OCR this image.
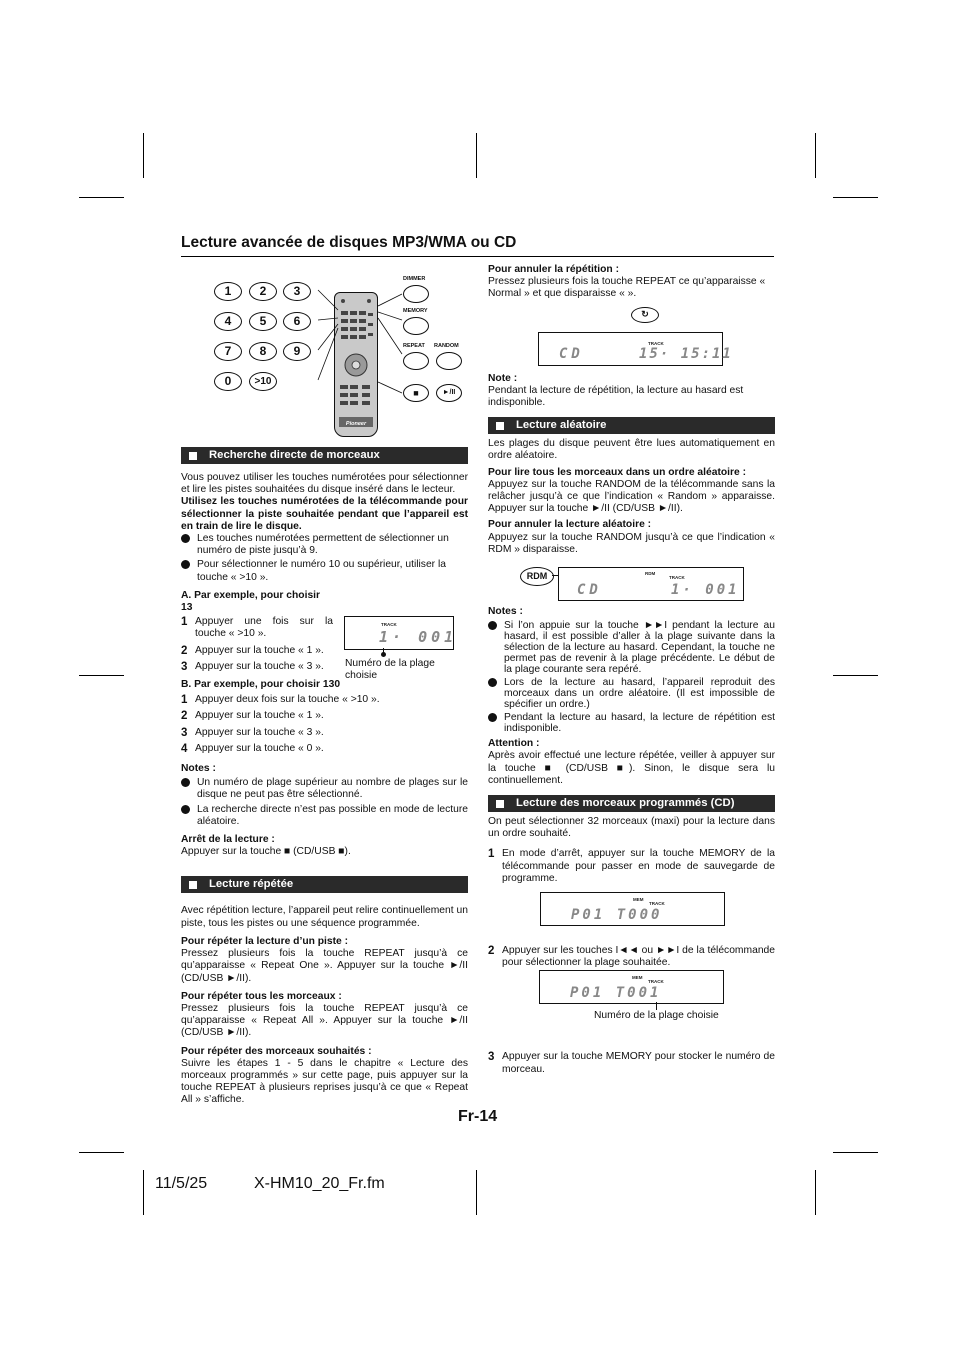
Lecture avancée de disques MP3/WMA ou CD
1	2	3
4	5	6
7	8	9
0	>10
Pioneer
DIMMER
MEMORY
REPEAT RANDOM
■	►/II
Recherche directe de morceaux

Vous pouvez utiliser les touches numérotées pour sélectionner et lire les pistes souhaitées du disque inséré dans le lecteur.

Utilisez les touches numérotées de la télécommande pour sélectionner la piste souhaitée pendant que l’appareil est en train de lire le disque.

Les touches numérotées permettent de sélectionner un numéro de piste jusqu’à 9.
Pour sélectionner le numéro 10 ou supérieur, utiliser la touche « >10 ».

A. Par exemple, pour choisir 13

1 Appuyer une fois sur la touche « >10 ».
2 Appuyer sur la touche « 1 ».
3 Appuyer sur la touche « 3 ».

B. Par exemple, pour choisir 130

1 Appuyer deux fois sur la touche « >10 ».
2 Appuyer sur la touche « 1 ».
3 Appuyer sur la touche « 3 ».
4 Appuyer sur la touche « 0 ».

Notes :

Un numéro de plage supérieur au nombre de plages sur le disque ne peut pas être sélectionné.
La recherche directe n’est pas possible en mode de lecture aléatoire.

Arrêt de la lecture :

Appuyer sur la touche ■ (CD/USB ■).

Lecture répétée

Avec répétition lecture, l’appareil peut relire continuellement un piste, tous les pistes ou une séquence programmée.

Pour répéter la lecture d’un piste :

Pressez plusieurs fois la touche REPEAT jusqu’à ce qu’apparaisse « Repeat One ». Appuyer sur la touche ►/II (CD/USB ►/II).

Pour répéter tous les morceaux :

Pressez plusieurs fois la touche REPEAT jusqu’à ce qu’apparaisse « Repeat All ». Appuyer sur la touche ►/II (CD/USB ►/II).

Pour répéter des morceaux souhaités :

Suivre les étapes 1 - 5 dans le chapitre « Lecture des morceaux programmés » sur cette page, puis appuyer sur la touche REPEAT à plusieurs reprises jusqu’à ce que « Repeat All » s’affiche.

TRACK
1· 001
Numéro de la plage choisie

Pour annuler la répétition :

Pressez plusieurs fois la touche REPEAT ce qu’apparaisse « Normal » et que disparaisse « ».

Note :

Pendant la lecture de répétition, la lecture au hasard est indisponible.

Lecture aléatoire

Les plages du disque peuvent être lues automatiquement en ordre aléatoire.

Pour lire tous les morceaux dans un ordre aléatoire :

Appuyez sur la touche RANDOM de la télécommande sans la relâcher jusqu’à ce que l’indication « Random » apparaisse. Appuyer sur la touche ►/II (CD/USB ►/II).

Pour annuler la lecture aléatoire :

Appuyez sur la touche RANDOM jusqu’à ce que l’indication « RDM » disparaisse.

Notes :

Si l’on appuie sur la touche ►►I pendant la lecture au hasard, il est possible d’aller à la plage suivante dans la sélection de la lecture au hasard. Cependant, la touche ne permet pas de revenir à la plage précédente. Le début de la plage courante sera repéré.
Lors de la lecture au hasard, l’appareil reproduit des morceaux dans un ordre aléatoire. (Il est impossible de spécifier un ordre.)
Pendant la lecture au hasard, la lecture de répétition est indisponible.

Attention :

Après avoir effectué une lecture répétée, veiller à appuyer sur la touche ■ (CD/USB ■). Sinon, le disque sera lu continuellement.

Lecture des morceaux programmés (CD)

On peut sélectionner 32 morceaux (maxi) pour la lecture dans un ordre souhaité.

1 En mode d’arrêt, appuyer sur la touche MEMORY de la télécommande pour passer en mode de sauvegarde de programme.
2 Appuyer sur les touches I◄◄ ou ►►I de la télécommande pour sélectionner la plage souhaitée.
3 Appuyer sur la touche MEMORY pour stocker le numéro de morceau.
↻
TRACK
CD	15· 15:11
RDM	RDM
TRACK
CD	1· 001
MEM
TRACK
P01 T000
MEM
TRACK
P01 T001
Numéro de la plage choisie
Fr-14
11/5/25	X-HM10_20_Fr.fm
